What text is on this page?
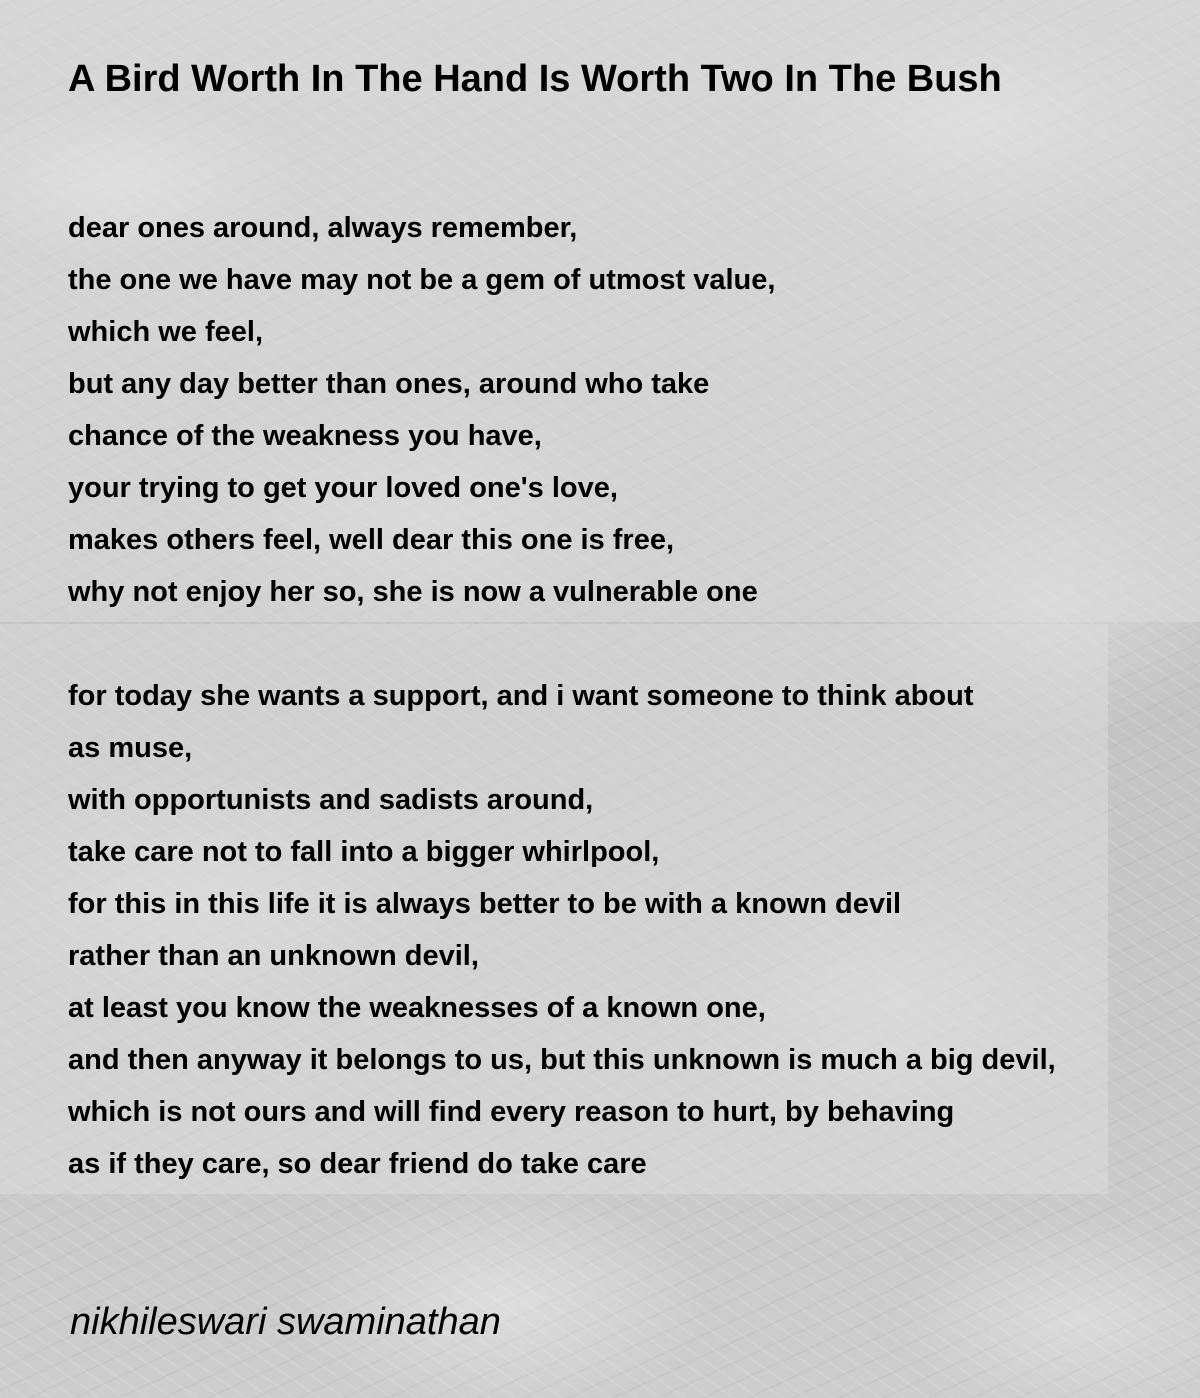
A Bird Worth In The Hand Is Worth Two In The Bush
dear ones around, always remember,
the one we have may not be a gem of utmost value,
which we feel,
but any day better than ones, around who take
chance of the weakness you have,
your trying to get your loved one's love,
makes others feel, well dear this one is free,
why not enjoy her so, she is now a vulnerable one
for today she wants a support, and i want someone to think about
as muse,
with opportunists and sadists around,
take care not to fall into a bigger whirlpool,
for this in this life it is always better to be with a known devil
rather than an unknown devil,
at least you know the weaknesses of a known one,
and then anyway it belongs to us, but this unknown is much a big devil,
which is not ours and will find every reason to hurt, by behaving
as if they care, so dear friend do take care

nikhileswari swaminathan
